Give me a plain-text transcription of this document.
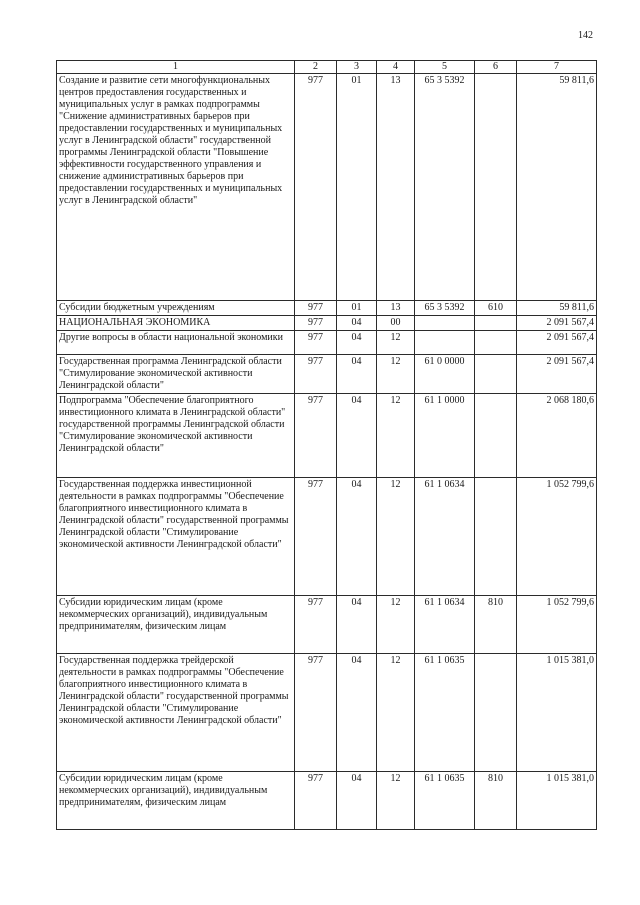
142
1	2	3	4	5	6	7
Создание и развитие сети многофункциональных центров предоставления государственных и муниципальных услуг в рамках подпрограммы "Снижение административных барьеров при предоставлении государственных и муниципальных услуг в Ленинградской области" государственной программы Ленинградской области "Повышение эффективности государственного управления и снижение административных барьеров при предоставлении государственных и муниципальных услуг в Ленинградской области"	977	01	13	65 3 5392		59 811,6
Субсидии бюджетным учреждениям	977	01	13	65 3 5392	610	59 811,6
НАЦИОНАЛЬНАЯ ЭКОНОМИКА	977	04	00			2 091 567,4
Другие вопросы в области национальной экономики	977	04	12			2 091 567,4
Государственная программа Ленинградской области "Стимулирование экономической активности Ленинградской области"	977	04	12	61 0 0000		2 091 567,4
Подпрограмма "Обеспечение благоприятного инвестиционного климата в Ленинградской области" государственной программы Ленинградской области "Стимулирование экономической активности Ленинградской области"	977	04	12	61 1 0000		2 068 180,6
Государственная поддержка инвестиционной деятельности в рамках подпрограммы "Обеспечение благоприятного инвестиционного климата в Ленинградской области" государственной программы Ленинградской области "Стимулирование экономической активности Ленинградской области"	977	04	12	61 1 0634		1 052 799,6
Субсидии юридическим лицам (кроме некоммерческих организаций), индивидуальным предпринимателям, физическим лицам	977	04	12	61 1 0634	810	1 052 799,6
Государственная поддержка трейдерской деятельности в рамках подпрограммы "Обеспечение благоприятного инвестиционного климата в Ленинградской области" государственной программы Ленинградской области "Стимулирование экономической активности Ленинградской области"	977	04	12	61 1 0635		1 015 381,0
Субсидии юридическим лицам (кроме некоммерческих организаций), индивидуальным предпринимателям, физическим лицам	977	04	12	61 1 0635	810	1 015 381,0
